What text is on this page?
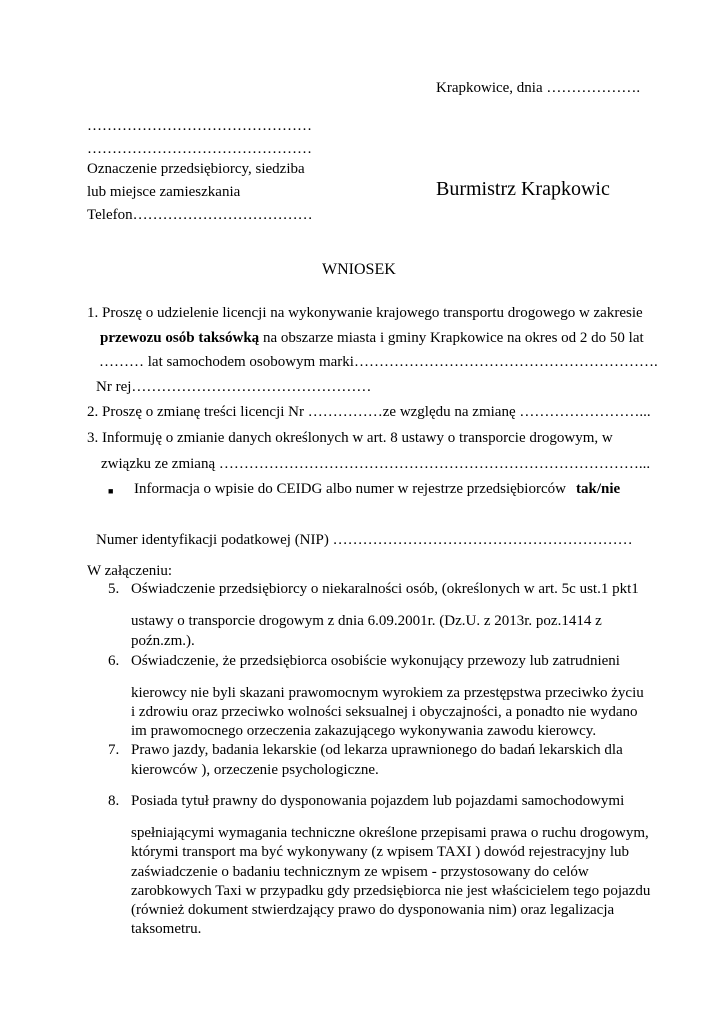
Krapkowice, dnia ……………….
………………………………………
………………………………………
Oznaczenie przedsiębiorcy, siedziba
lub miejsce zamieszkania
Telefon………………………………
Burmistrz Krapkowic
WNIOSEK
1. Proszę o udzielenie licencji na wykonywanie krajowego transportu drogowego w zakresie
przewozu osób taksówką na obszarze miasta i gminy Krapkowice na okres od 2 do 50 lat
……… lat samochodem osobowym marki…………………………………………………….
Nr rej…………………………………………
2. Proszę o zmianę treści licencji Nr ……………ze względu na zmianę ……………………...
3. Informuję o zmianie danych określonych w art. 8 ustawy o transporcie drogowym, w
związku ze zmianą …………………………………………………………………………...
■ Informacja o wpisie do CEIDG albo numer w rejestrze przedsiębiorców tak/nie
Numer identyfikacji podatkowej (NIP) ……………………………………………………
W załączeniu:
5. Oświadczenie przedsiębiorcy o niekaralności osób, (określonych w art. 5c ust.1 pkt1
ustawy o transporcie drogowym z dnia 6.09.2001r. (Dz.U. z 2013r. poz.1414 z
poźn.zm.).
6. Oświadczenie, że przedsiębiorca osobiście wykonujący przewozy lub zatrudnieni
kierowcy nie byli skazani prawomocnym wyrokiem za przestępstwa przeciwko życiu
i zdrowiu oraz przeciwko wolności seksualnej i obyczajności, a ponadto nie wydano
im prawomocnego orzeczenia zakazującego wykonywania zawodu kierowcy.
7. Prawo jazdy, badania lekarskie (od lekarza uprawnionego do badań lekarskich dla
kierowców ), orzeczenie psychologiczne.
8. Posiada tytuł prawny do dysponowania pojazdem lub pojazdami samochodowymi
spełniającymi wymagania techniczne określone przepisami prawa o ruchu drogowym,
którymi transport ma być wykonywany (z wpisem TAXI ) dowód rejestracyjny lub
zaświadczenie o badaniu technicznym ze wpisem - przystosowany do celów
zarobkowych Taxi w przypadku gdy przedsiębiorca nie jest właścicielem tego pojazdu
(również dokument stwierdzający prawo do dysponowania nim) oraz legalizacja
taksometru.
